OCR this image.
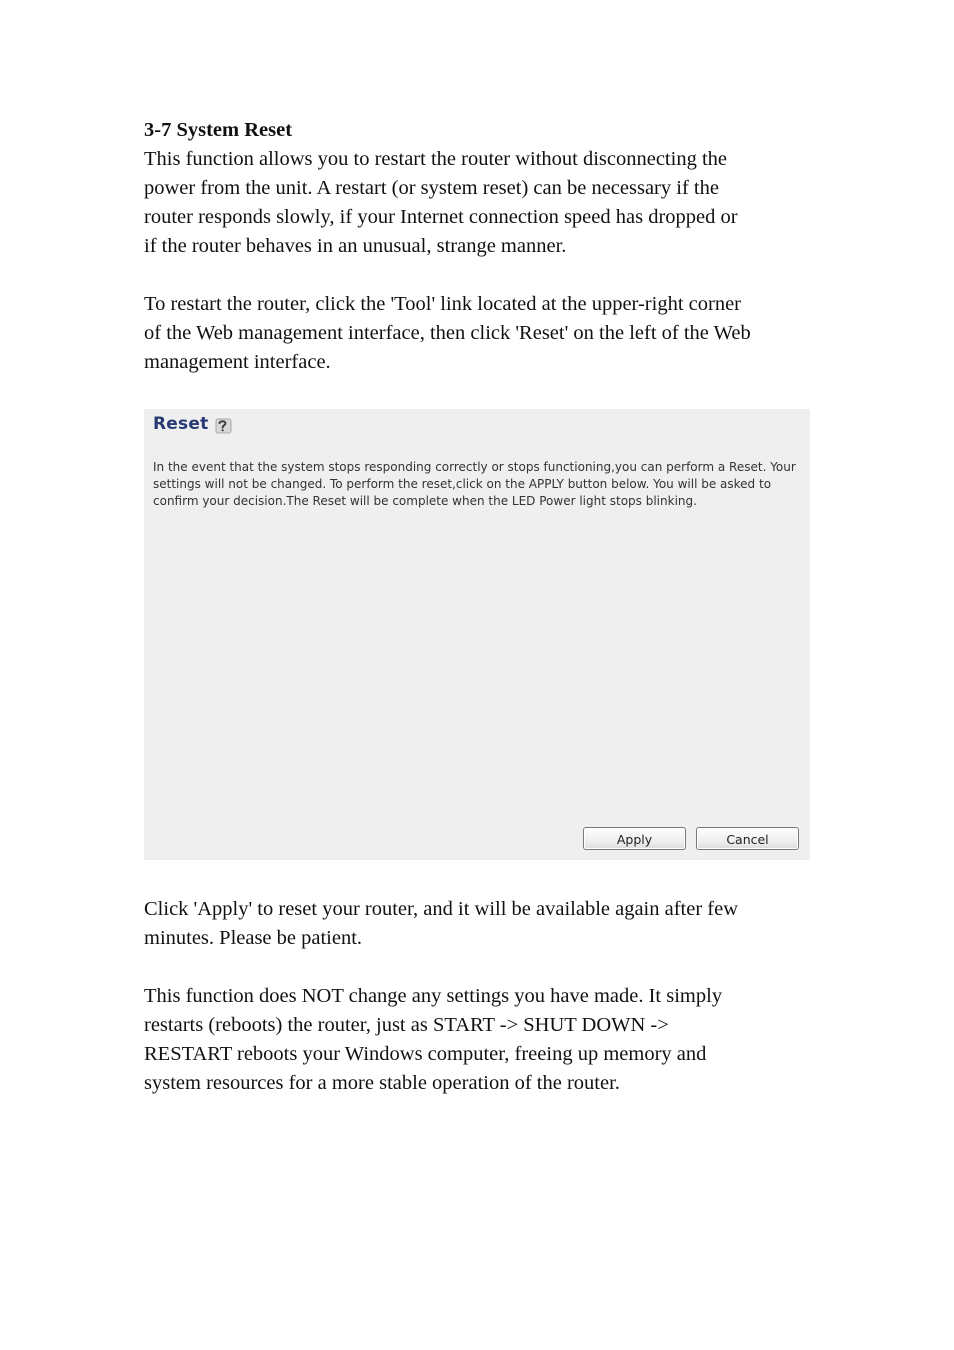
3-7 System Reset

This function allows you to restart the router without disconnecting the
power from the unit. A restart (or system reset) can be necessary if the
router responds slowly, if your Internet connection speed has dropped or
if the router behaves in an unusual, strange manner.

To restart the router, click the 'Tool' link located at the upper-right corner
of the Web management interface, then click 'Reset' on the left of the Web
management interface.

Reset
In the event that the system stops responding correctly or stops functioning,you can perform a Reset. Your
settings will not be changed. To perform the reset,click on the APPLY button below. You will be asked to
confirm your decision.The Reset will be complete when the LED Power light stops blinking.
Apply	Cancel

Click 'Apply' to reset your router, and it will be available again after few
minutes. Please be patient.

This function does NOT change any settings you have made. It simply
restarts (reboots) the router, just as START -> SHUT DOWN ->
RESTART reboots your Windows computer, freeing up memory and
system resources for a more stable operation of the router.
